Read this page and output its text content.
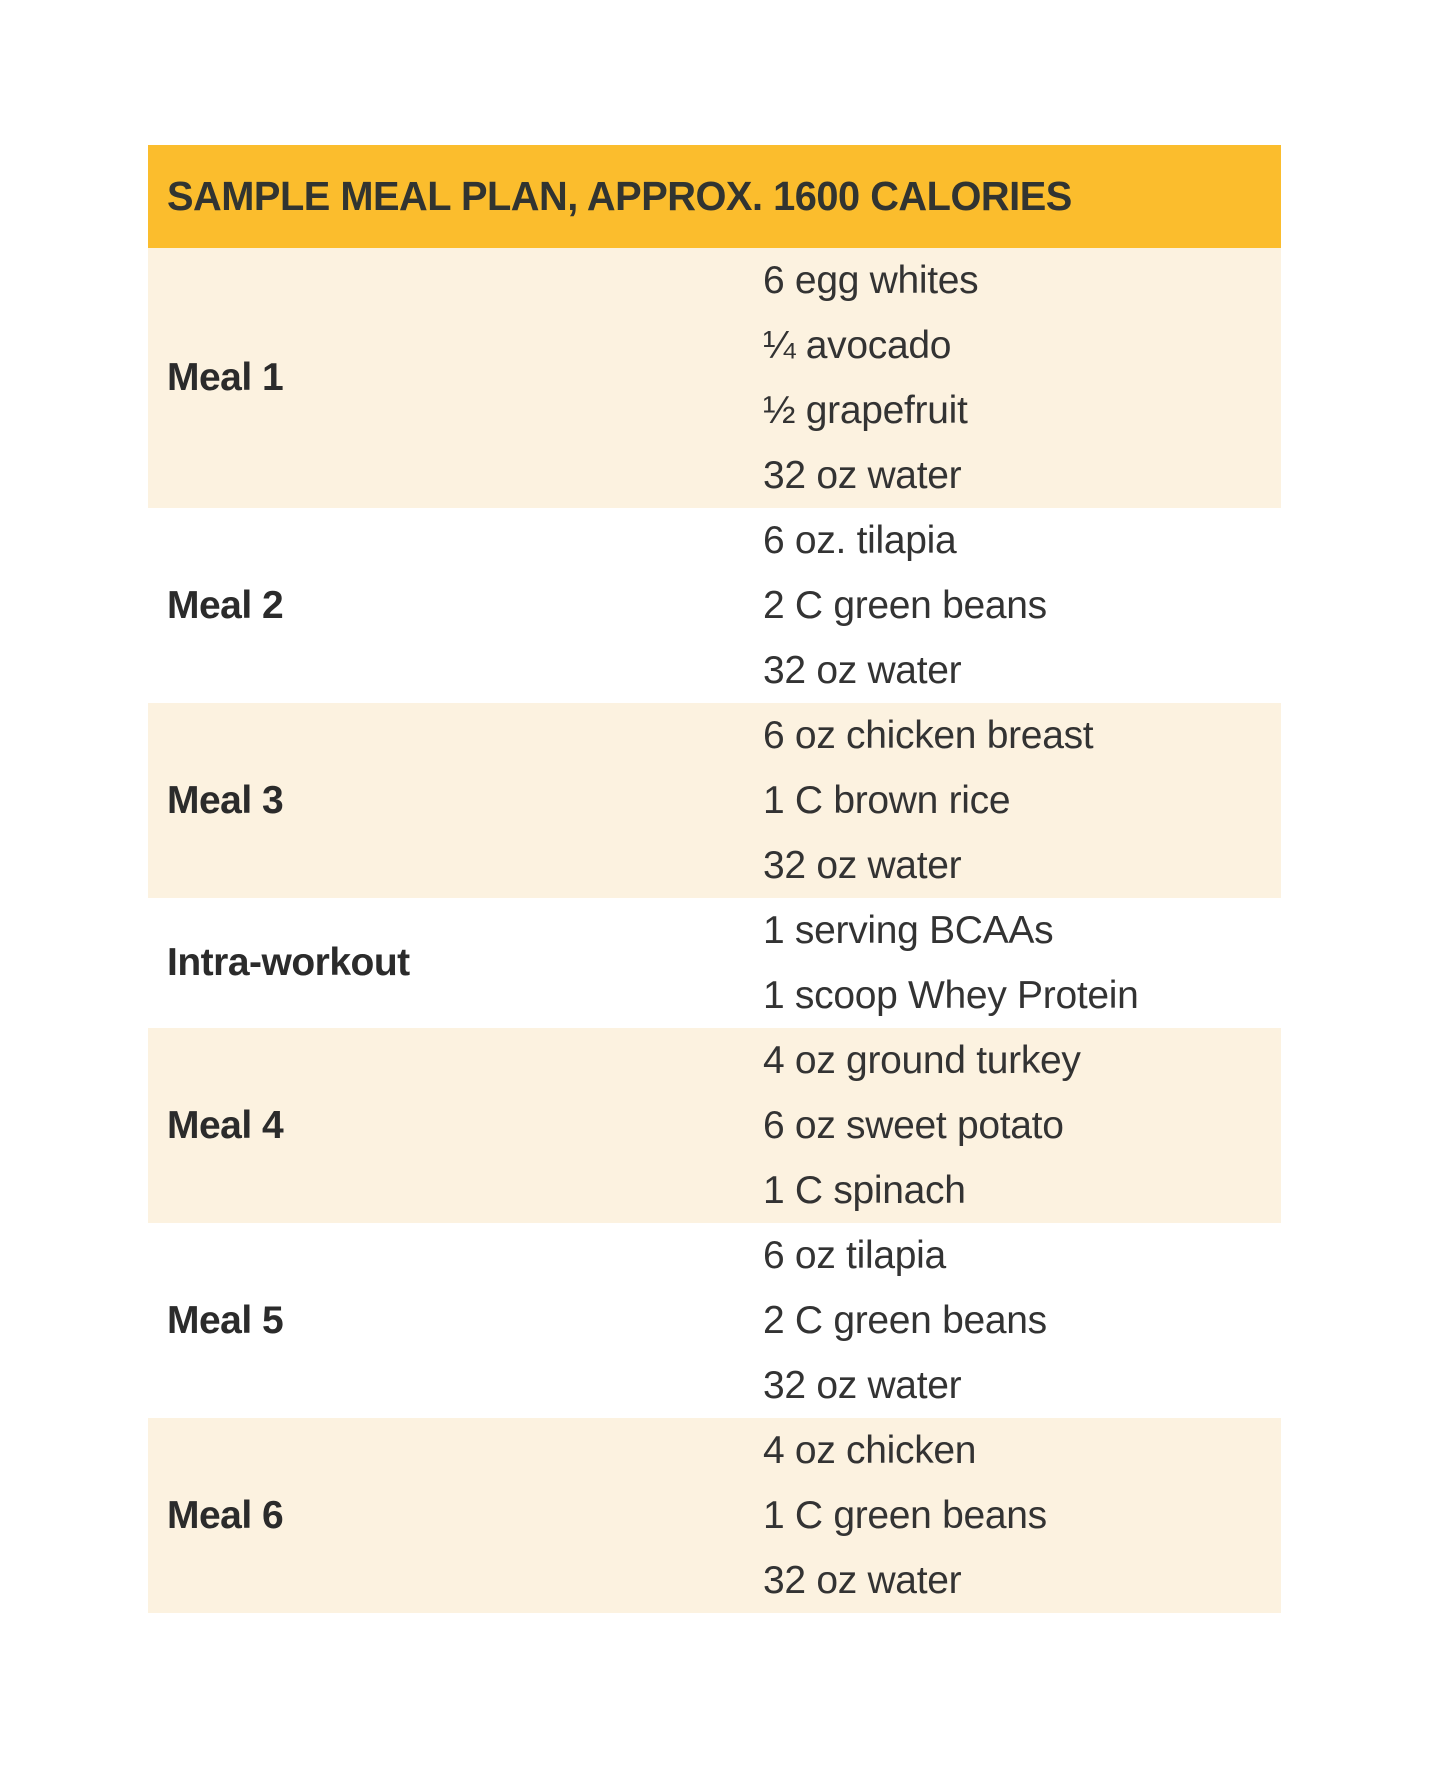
SAMPLE MEAL PLAN, APPROX. 1600 CALORIES
Meal 1
6 egg whites
¼ avocado
½ grapefruit
32 oz water
Meal 2
6 oz. tilapia
2 C green beans
32 oz water
Meal 3
6 oz chicken breast
1 C brown rice
32 oz water
Intra-workout
1 serving BCAAs
1 scoop Whey Protein
Meal 4
4 oz ground turkey
6 oz sweet potato
1 C spinach
Meal 5
6 oz tilapia
2 C green beans
32 oz water
Meal 6
4 oz chicken
1 C green beans
32 oz water
